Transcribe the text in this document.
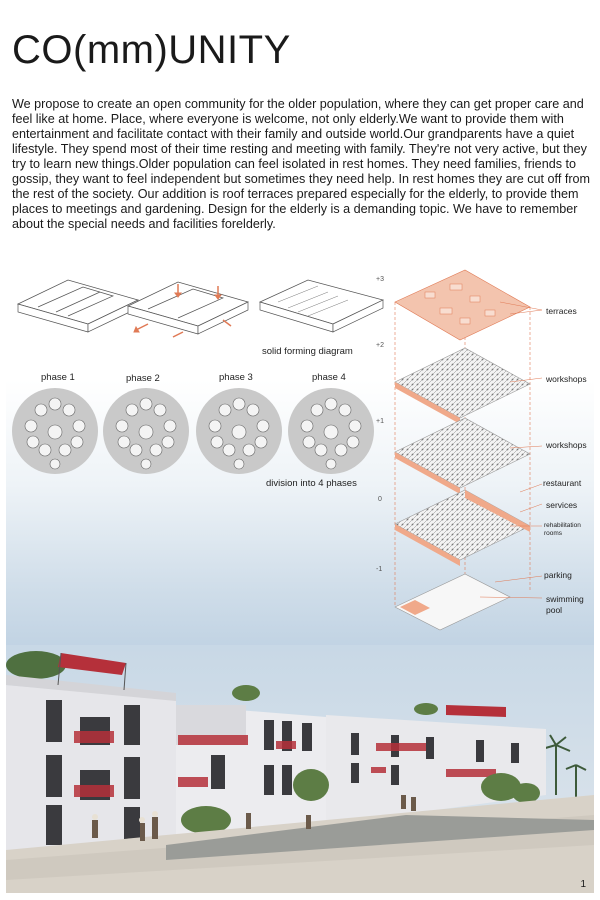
CO(mm)UNITY
We propose to create an open community for the older population, where they can get proper care and feel like at home. Place, where everyone is welcome, not only elderly.We want to provide them with entertainment and facilitate contact with their family and outside world.Our grandparents have a quiet lifestyle. They spend most of their time resting and meeting with family. They're not very active, but they try to learn new things.Older population can feel isolated in rest homes. They need families, friends to gossip, they want to feel independent but sometimes they need help. In rest homes they are cut off from the rest of the society. Our addition is roof terraces prepared especially for the elderly, to provide them places to meetings and gardening. Design for the elderly is a demanding topic. We have to remember about the special needs and facilities forelderly.
solid forming diagram
phase 1	phase 2	phase 3	phase 4
division into 4 phases
+3
+2
+1
0
-1
terraces
workshops
workshops
restaurant
services
rehabilitation rooms
parking
swimming pool
1
